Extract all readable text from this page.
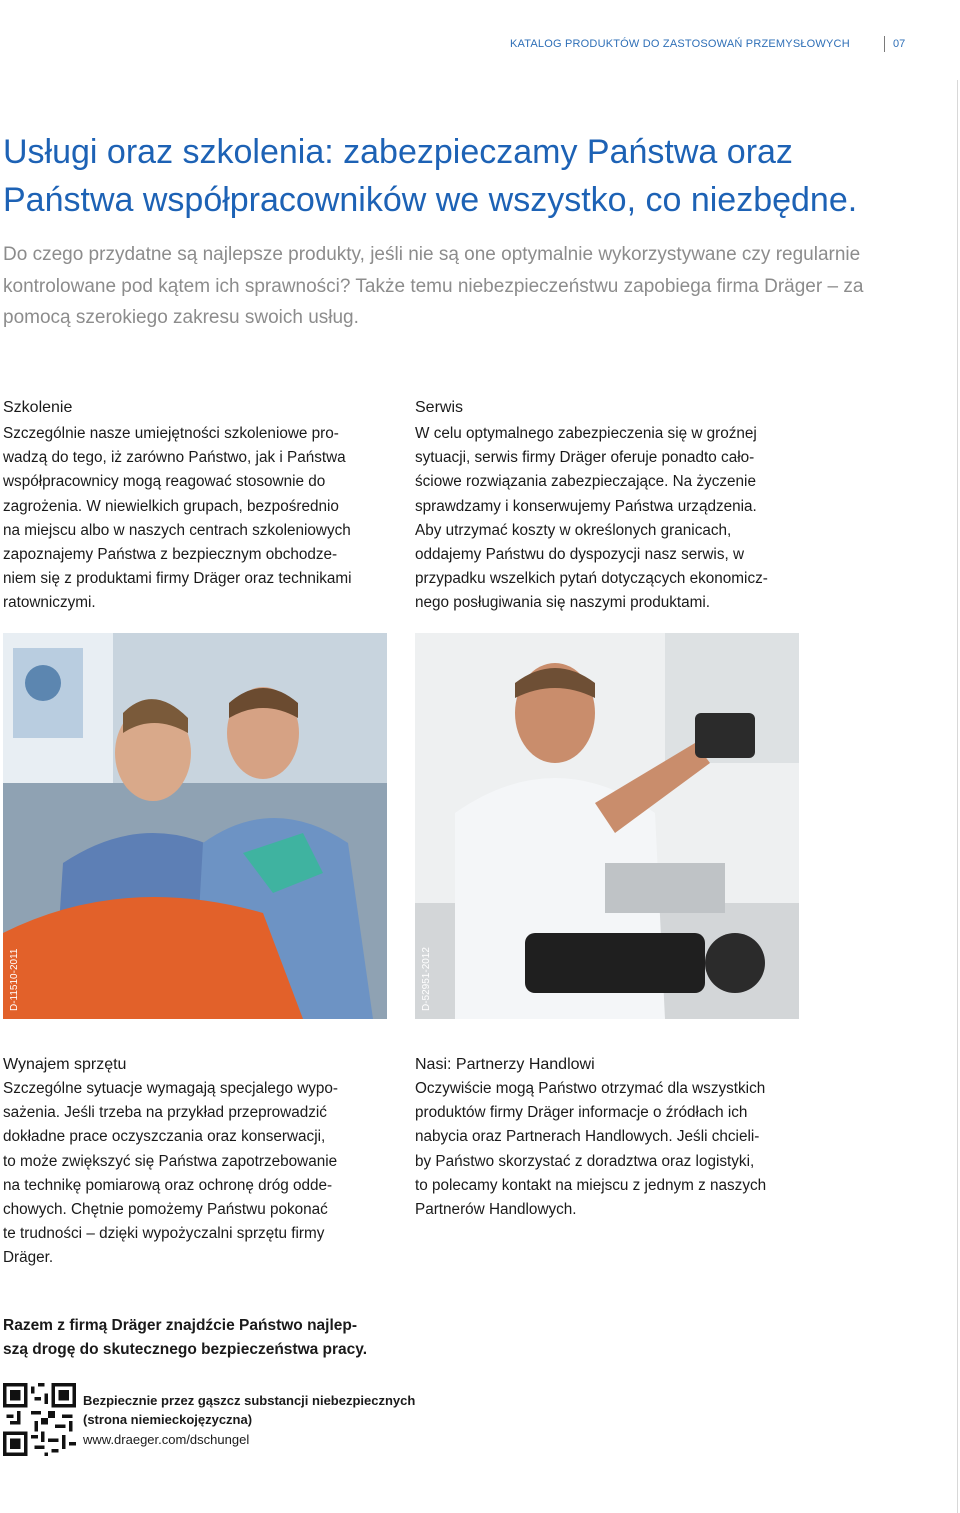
KATALOG PRODUKTÓW DO ZASTOSOWAŃ PRZEMYSŁOWYCH	07
Usługi oraz szkolenia: zabezpieczamy Państwa oraz Państwa współpracowników we wszystko, co niezbędne.
Do czego przydatne są najlepsze produkty, jeśli nie są one optymalnie wykorzystywane czy regularnie kontrolowane pod kątem ich sprawności? Także temu niebezpieczeństwu zapobiega firma Dräger – za pomocą szerokiego zakresu swoich usług.
Szkolenie
Szczególnie nasze umiejętności szkoleniowe pro-
wadzą do tego, iż zarówno Państwo, jak i Państwa
współpracownicy mogą reagować stosownie do
zagrożenia. W niewielkich grupach, bezpośrednio
na miejscu albo w naszych centrach szkoleniowych
zapoznajemy Państwa z bezpiecznym obchodze-
niem się z produktami firmy Dräger oraz technikami
ratowniczymi.
Serwis
W celu optymalnego zabezpieczenia się w groźnej
sytuacji, serwis firmy Dräger oferuje ponadto cało-
ściowe rozwiązania zabezpieczające. Na życzenie
sprawdzamy i konserwujemy Państwa urządzenia.
Aby utrzymać koszty w określonych granicach,
oddajemy Państwu do dyspozycji nasz serwis, w
przypadku wszelkich pytań dotyczących ekonomicz-
nego posługiwania się naszymi produktami.
D-11510-2011	D-52951-2012
Wynajem sprzętu
Szczególne sytuacje wymagają specjalego wypo-
sażenia. Jeśli trzeba na przykład przeprowadzić
dokładne prace oczyszczania oraz konserwacji,
to może zwiększyć się Państwa zapotrzebowanie
na technikę pomiarową oraz ochronę dróg odde-
chowych. Chętnie pomożemy Państwu pokonać
te trudności – dzięki wypożyczalni sprzętu firmy
Dräger.
Nasi: Partnerzy Handlowi
Oczywiście mogą Państwo otrzymać dla wszystkich
produktów firmy Dräger informacje o źródłach ich
nabycia oraz Partnerach Handlowych. Jeśli chcieli-
by Państwo skorzystać z doradztwa oraz logistyki,
to polecamy kontakt na miejscu z jednym z naszych
Partnerów Handlowych.
Razem z firmą Dräger znajdźcie Państwo najlep-
szą drogę do skutecznego bezpieczeństwa pracy.
Bezpiecznie przez gąszcz substancji niebezpiecznych
(strona niemieckojęzyczna)
www.draeger.com/dschungel
